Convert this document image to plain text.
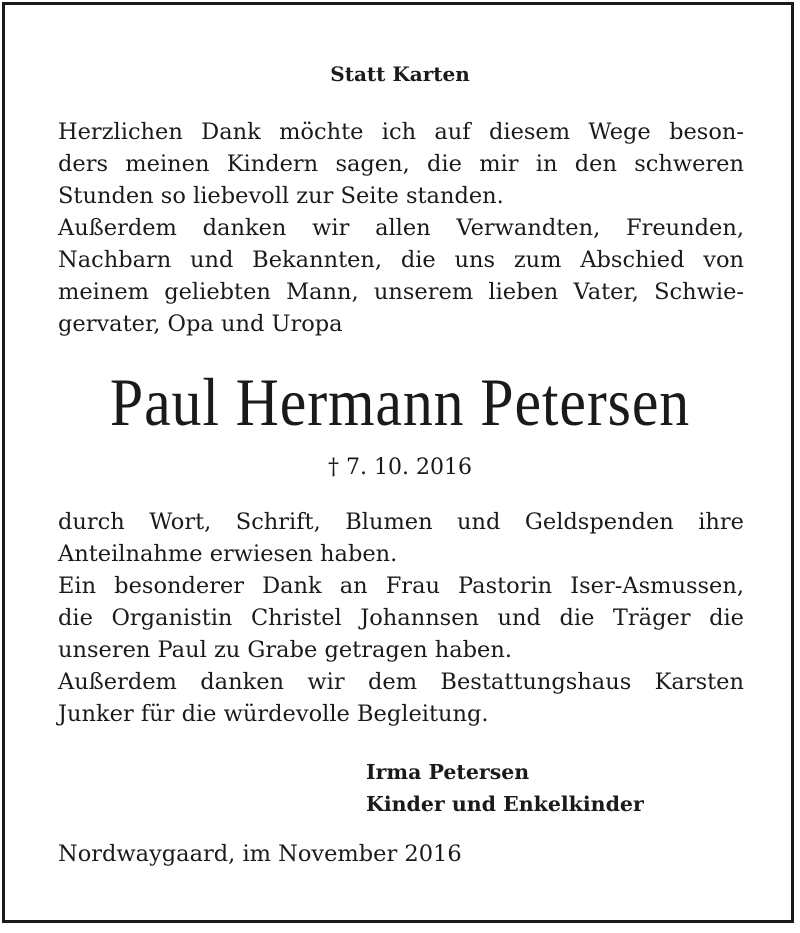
Statt Karten
Herzlichen Dank möchte ich auf diesem Wege beson-
ders meinen Kindern sagen, die mir in den schweren
Stunden so liebevoll zur Seite standen.
Außerdem danken wir allen Verwandten, Freunden,
Nachbarn und Bekannten, die uns zum Abschied von
meinem geliebten Mann, unserem lieben Vater, Schwie-
gervater, Opa und Uropa
Paul Hermann Petersen
† 7. 10. 2016
durch Wort, Schrift, Blumen und Geldspenden ihre
Anteilnahme erwiesen haben.
Ein besonderer Dank an Frau Pastorin Iser-Asmussen,
die Organistin Christel Johannsen und die Träger die
unseren Paul zu Grabe getragen haben.
Außerdem danken wir dem Bestattungshaus Karsten
Junker für die würdevolle Begleitung.
Irma Petersen
Kinder und Enkelkinder
Nordwaygaard, im November 2016
